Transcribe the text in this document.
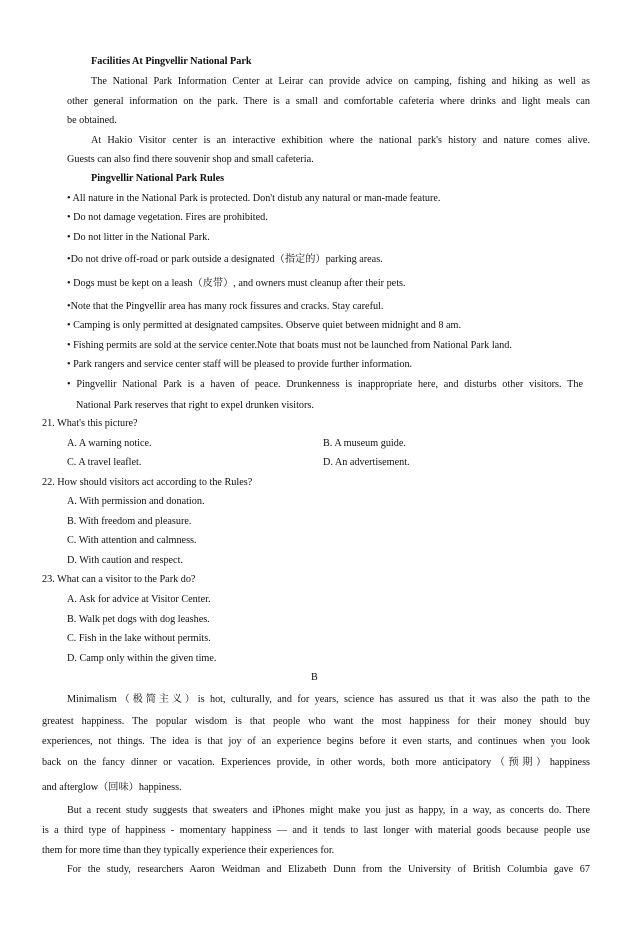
Facilities At Pingvellir National Park
The National Park Information Center at Leirar can provide advice on camping, fishing and hiking as well as
other general information on the park. There is a small and comfortable cafeteria where drinks and light meals can
be obtained.
At Hakio Visitor center is an interactive exhibition where the national park's history and nature comes alive.
Guests can also find there souvenir shop and small cafeteria.
Pingvellir National Park Rules
• All nature in the National Park is protected. Don't distub any natural or man-made feature.
• Do not damage vegetation. Fires are prohibited.
• Do not litter in the National Park.
•Do not drive off-road or park outside a designated（指定的）parking areas.
• Dogs must be kept on a leash（皮带）, and owners must cleanup after their pets.
•Note that the Pingvellir area has many rock fissures and cracks. Stay careful.
• Camping is only permitted at designated campsites. Observe quiet between midnight and 8 am.
• Fishing permits are sold at the service center.Note that boats must not be launched from National Park land.
• Park rangers and service center staff will be pleased to provide further information.
• Pingvellir National Park is a haven of peace. Drunkenness is inappropriate here, and disturbs other visitors. The
National Park reserves that right to expel drunken visitors.
21. What's this picture?
A. A warning notice.	B. A museum guide.
C. A travel leaflet.	D. An advertisement.
22. How should visitors act according to the Rules?
A. With permission and donation.
B. With freedom and pleasure.
C. With attention and calmness.
D. With caution and respect.
23. What can a visitor to the Park do?
A. Ask for advice at Visitor Center.
B. Walk pet dogs with dog leashes.
C. Fish in the lake without permits.
D. Camp only within the given time.
B
Minimalism（极简主义）is hot, culturally, and for years, science has assured us that it was also the path to the
greatest happiness. The popular wisdom is that people who want the most happiness for their money should buy
experiences, not things. The idea is that joy of an experience begins before it even starts, and continues when you look
back on the fancy dinner or vacation. Experiences provide, in other words, both more anticipatory（预期）happiness
and afterglow（回味）happiness.
But a recent study suggests that sweaters and iPhones might make you just as happy, in a way, as concerts do. There
is a third type of happiness - momentary happiness — and it tends to last longer with material goods because people use
them for more time than they typically experience their experiences for.
For the study, researchers Aaron Weidman and Elizabeth Dunn from the University of British Columbia gave 67
